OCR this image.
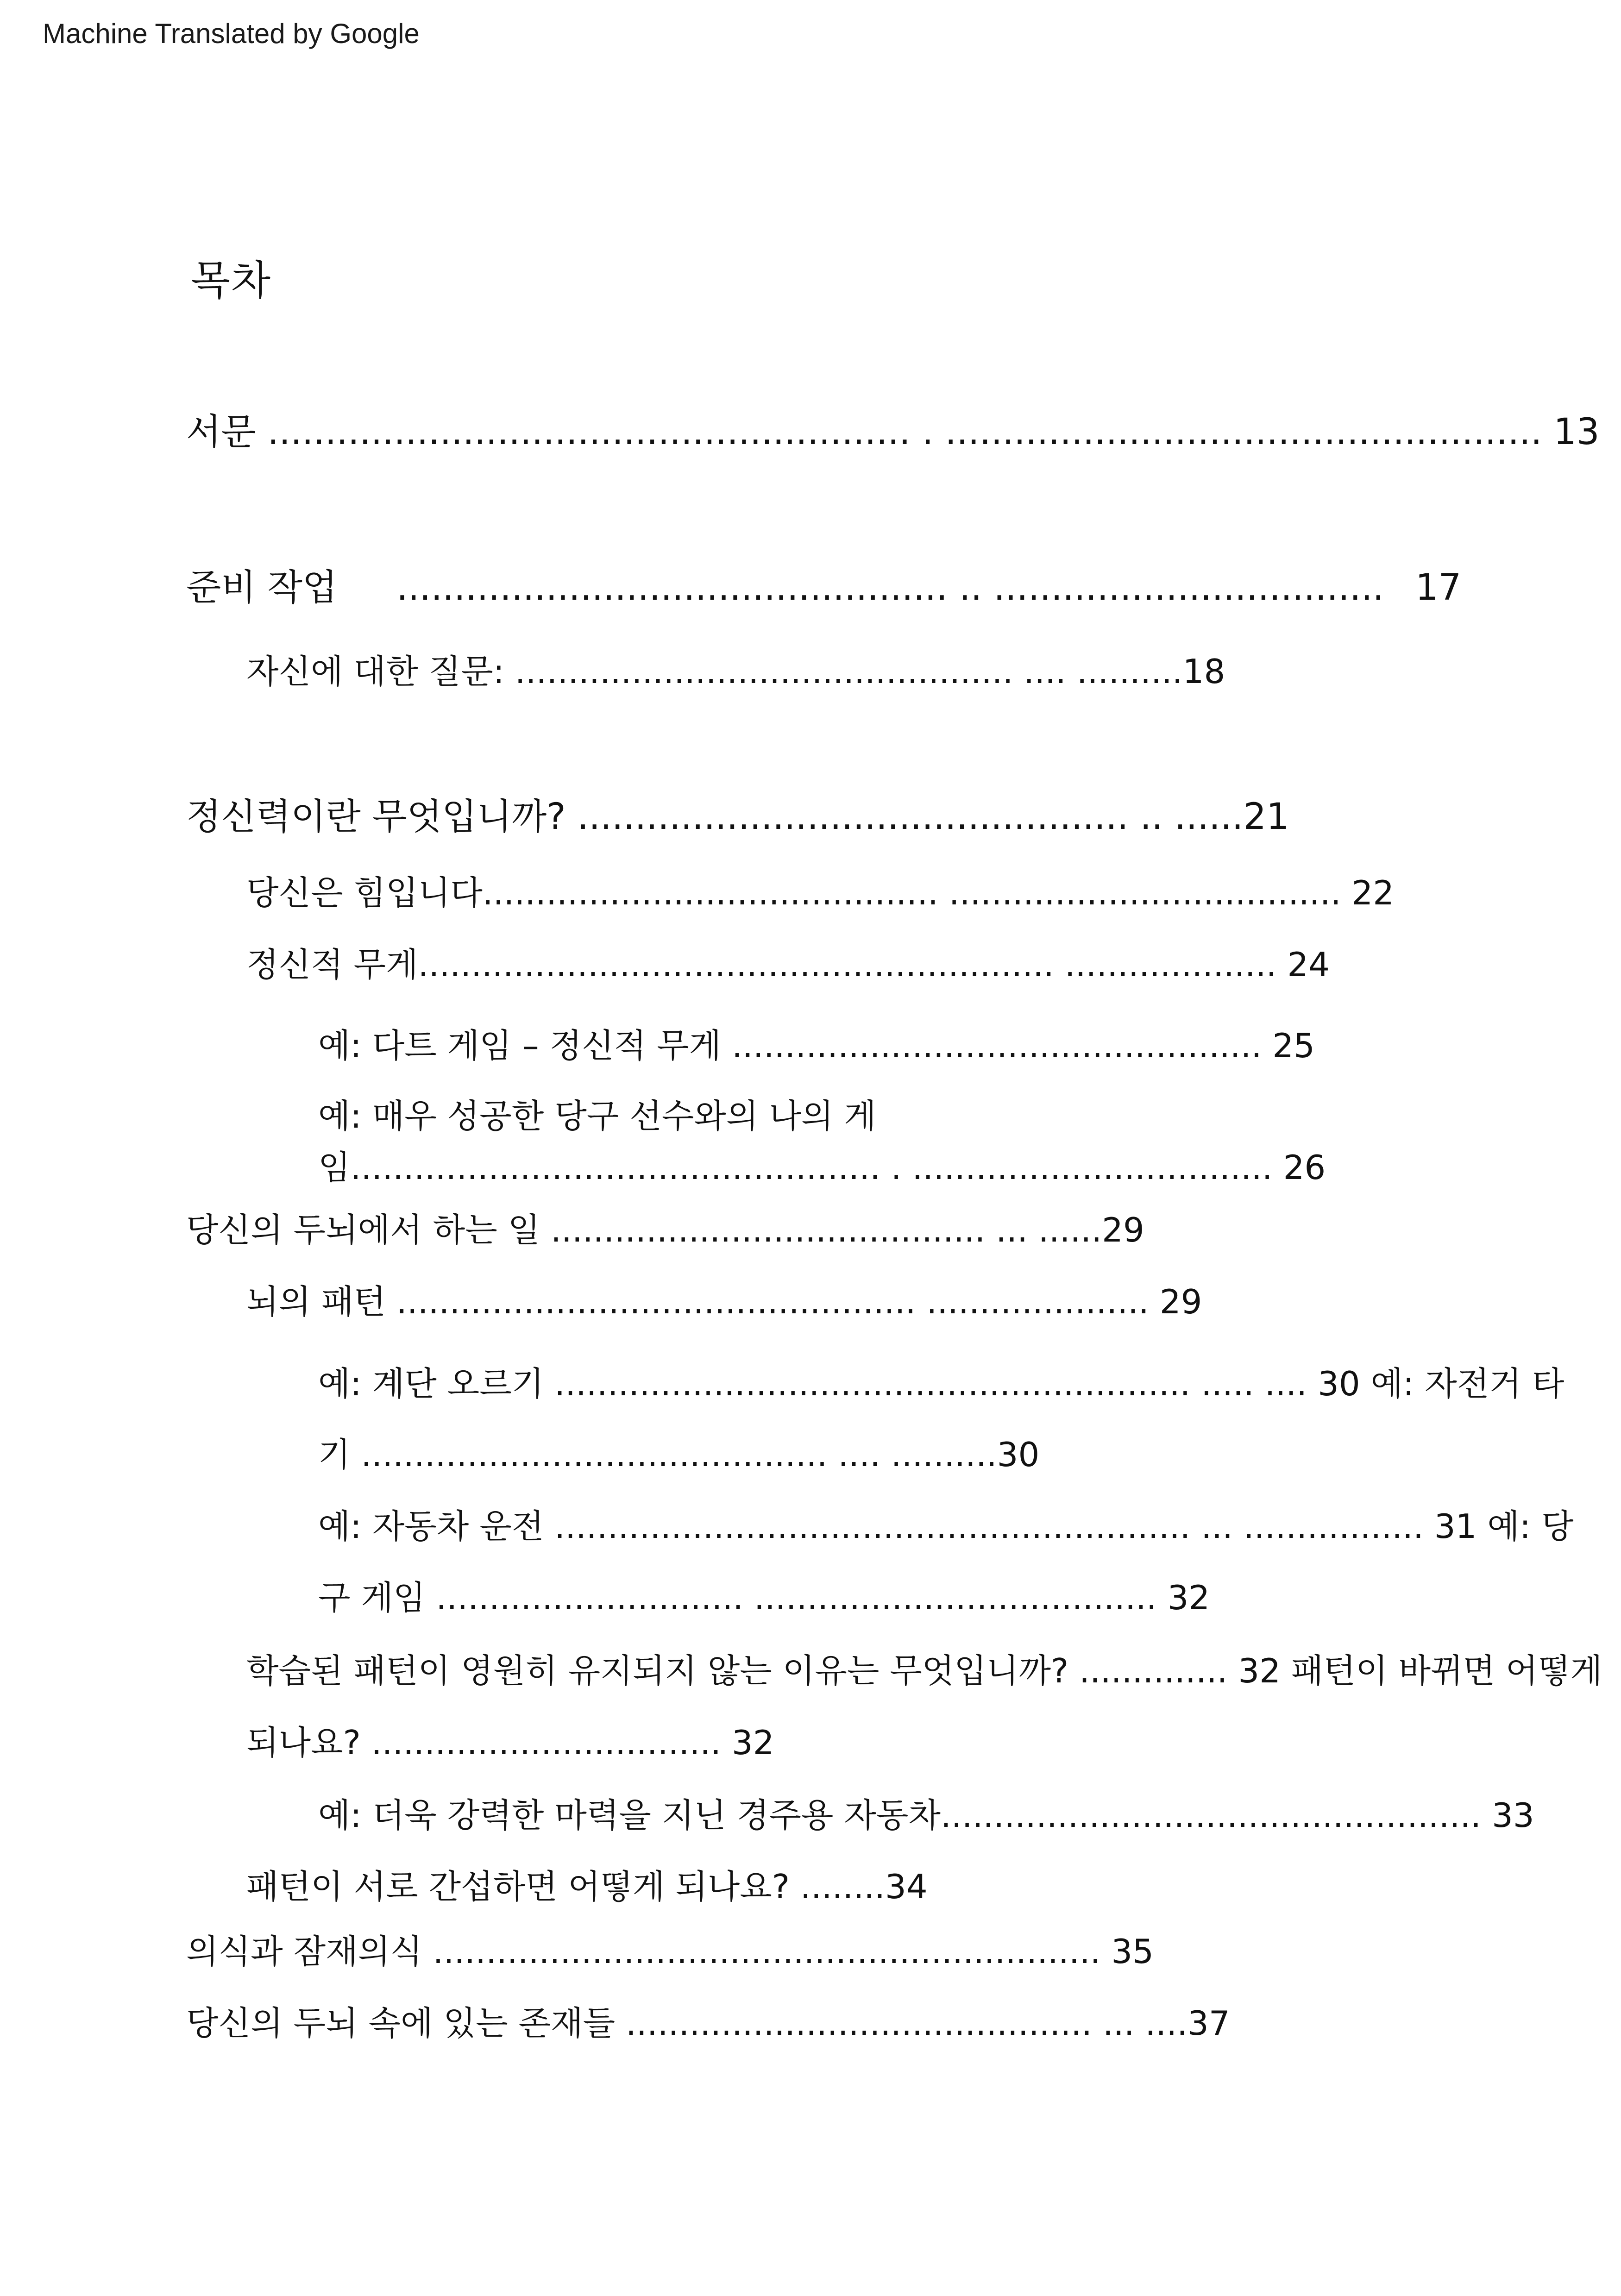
Machine Translated by Google
목차
서문 ........................................................ . .................................................... 13
준비 작업 ................................................ .. .................................. 17
자신에 대한 질문: ............................................... .... ..........18
정신력이란 무엇입니까? ................................................ .. ......21
당신은 힘입니다........................................... ..................................... 22
정신적 무게............................................................ .................... 24
예: 다트 게임 – 정신적 무게 .................................................. 25
예: 매우 성공한 당구 선수와의 나의 게
임.................................................. . .................................. 26
당신의 두뇌에서 하는 일 ......................................... ... ......29
뇌의 패턴 ................................................. ..................... 29
예: 계단 오르기 ............................................................ ..... .... 30 예: 자전거 타
기 ............................................ .... ..........30
예: 자동차 운전 ............................................................ ... ................. 31 예: 당
구 게임 ............................. ...................................... 32
학습된 패턴이 영원히 유지되지 않는 이유는 무엇입니까? .............. 32 패턴이 바뀌면 어떻게
되나요? ................................. 32
예: 더욱 강력한 마력을 지닌 경주용 자동차................................................... 33
패턴이 서로 간섭하면 어떻게 되나요? ........34
의식과 잠재의식 ............................................................... 35
당신의 두뇌 속에 있는 존재들 ............................................ ... ....37
